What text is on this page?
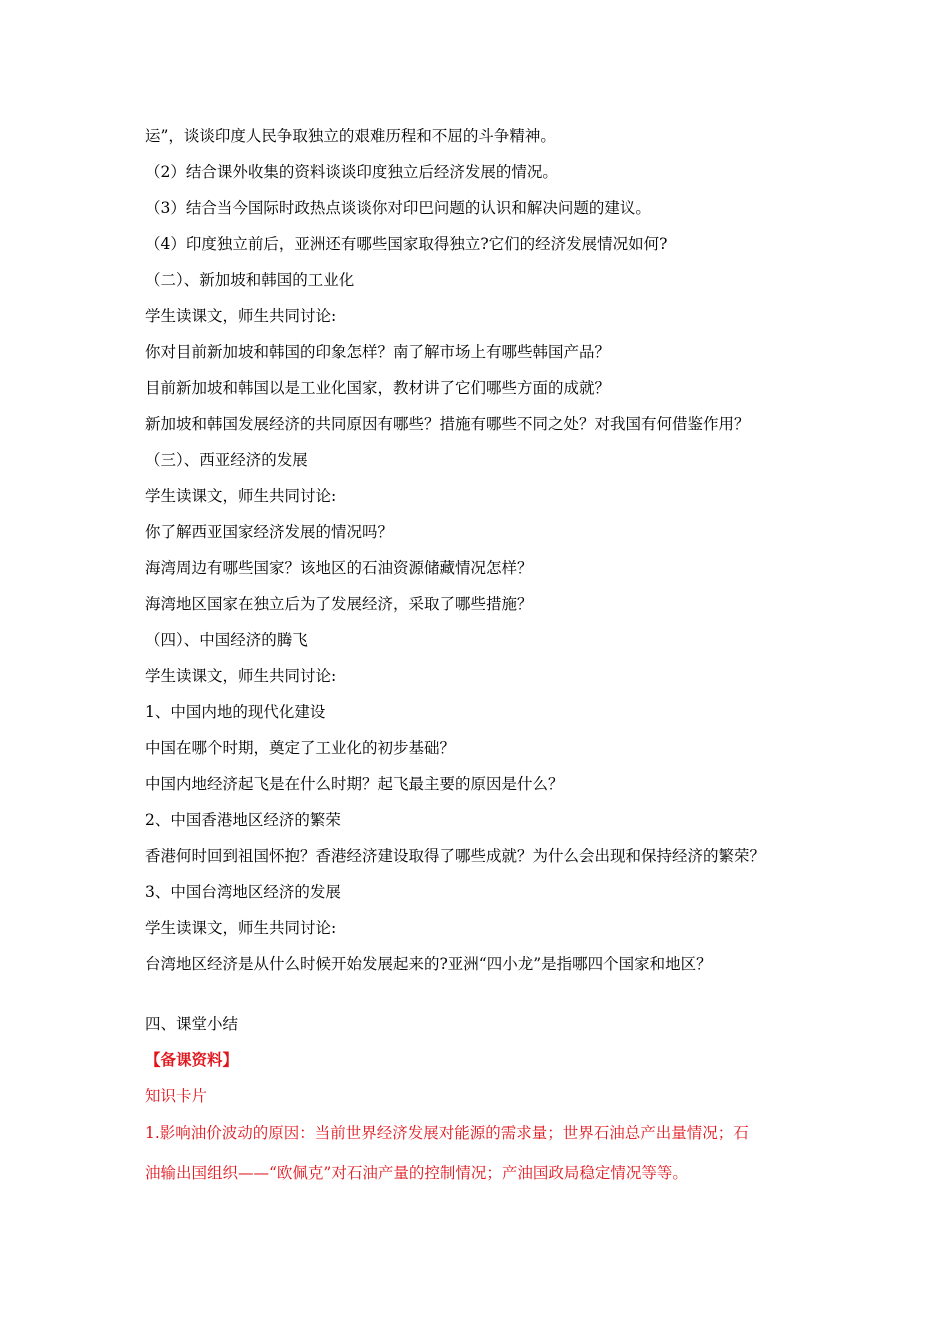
运”，谈谈印度人民争取独立的艰难历程和不屈的斗争精神。
（2）结合课外收集的资料谈谈印度独立后经济发展的情况。
（3）结合当今国际时政热点谈谈你对印巴问题的认识和解决问题的建议。
（4）印度独立前后，亚洲还有哪些国家取得独立?它们的经济发展情况如何?
（二）、新加坡和韩国的工业化
学生读课文，师生共同讨论:
你对目前新加坡和韩国的印象怎样？南了解市场上有哪些韩国产品？
目前新加坡和韩国以是工业化国家，教材讲了它们哪些方面的成就？
新加坡和韩国发展经济的共同原因有哪些？措施有哪些不同之处？对我国有何借鉴作用？
（三）、西亚经济的发展
学生读课文，师生共同讨论:
你了解西亚国家经济发展的情况吗？
海湾周边有哪些国家？该地区的石油资源储藏情况怎样？
海湾地区国家在独立后为了发展经济，采取了哪些措施？
（四）、中国经济的腾飞
学生读课文，师生共同讨论:
1、中国内地的现代化建设
中国在哪个时期，奠定了工业化的初步基础？
中国内地经济起飞是在什么时期？起飞最主要的原因是什么？
2、中国香港地区经济的繁荣
香港何时回到祖国怀抱？香港经济建设取得了哪些成就？为什么会出现和保持经济的繁荣？
3、中国台湾地区经济的发展
学生读课文，师生共同讨论:
台湾地区经济是从什么时候开始发展起来的?亚洲“四小龙”是指哪四个国家和地区？
四、课堂小结
【备课资料】
知识卡片
1.影响油价波动的原因：当前世界经济发展对能源的需求量；世界石油总产出量情况；石
油输出国组织——“欧佩克”对石油产量的控制情况；产油国政局稳定情况等等。
